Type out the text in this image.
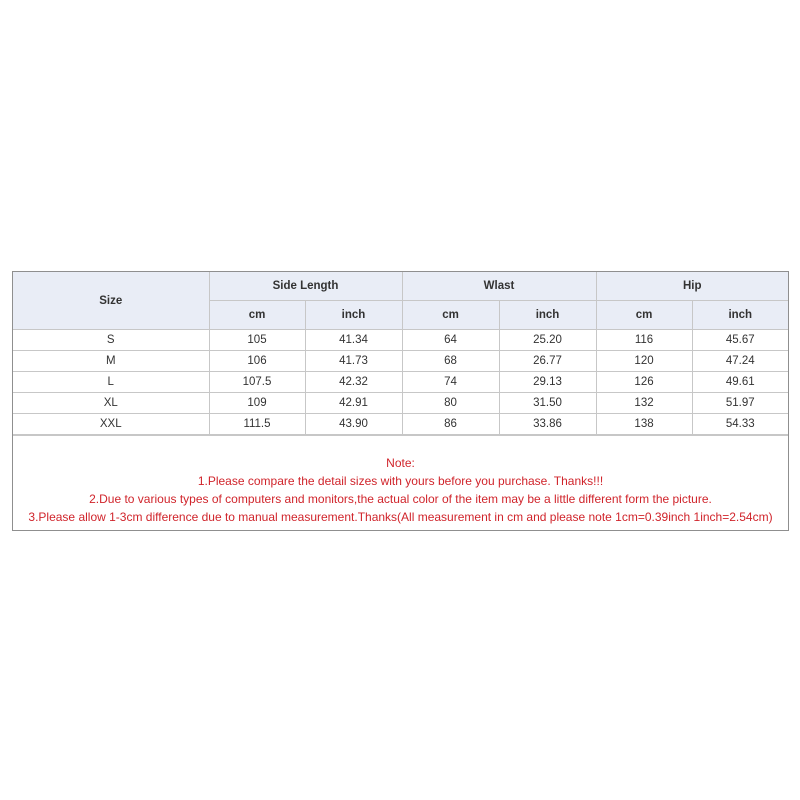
Size	Side Length		Wlast		Hip	
	cm	inch	cm	inch	cm	inch
S	105	41.34	64	25.20	116	45.67
M	106	41.73	68	26.77	120	47.24
L	107.5	42.32	74	29.13	126	49.61
XL	109	42.91	80	31.50	132	51.97
XXL	111.5	43.90	86	33.86	138	54.33
Note:
1.Please compare the detail sizes with yours before you purchase. Thanks!!!
2.Due to various types of computers and monitors,the actual color of the item may be a little different form the picture.
3.Please allow 1-3cm difference due to manual measurement.Thanks(All measurement in cm and please note 1cm=0.39inch 1inch=2.54cm)
